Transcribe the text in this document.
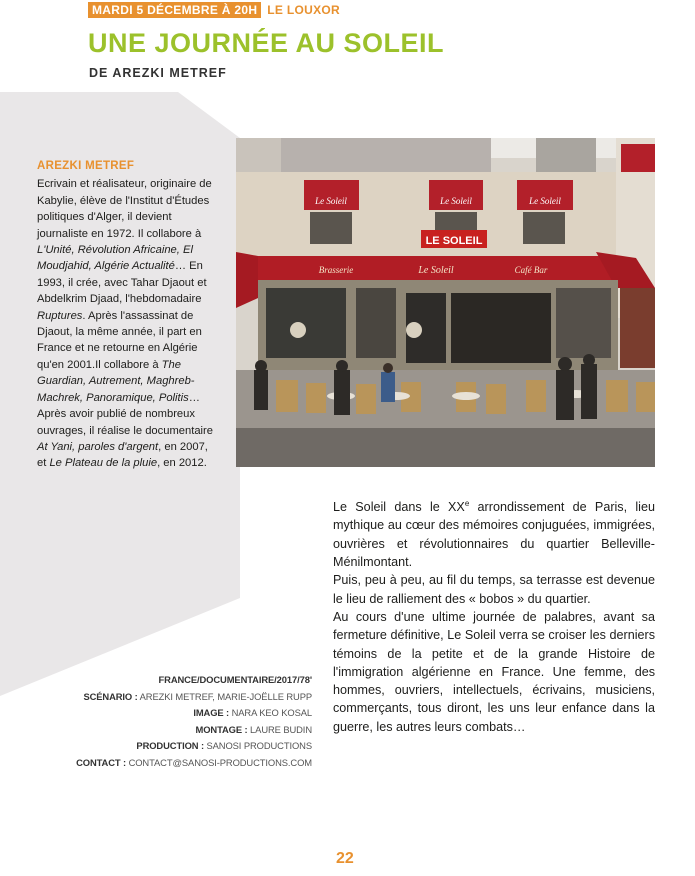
MARDI 5 DÉCEMBRE À 20H LE LOUXOR
UNE JOURNÉE AU SOLEIL
DE AREZKI METREF
Le Soleil	Le Soleil	Le Soleil
LE SOLEIL
Brasserie	Le Soleil	Café Bar
AREZKI METREF

Ecrivain et réalisateur, originaire de Kabylie, élève de l'Institut d'Études politiques d'Alger, il devient journaliste en 1972. Il collabore à L'Unité, Révolution Africaine, El Moudjahid, Algérie Actualité… En 1993, il crée, avec Tahar Djaout et Abdelkrim Djaad, l'hebdomadaire Ruptures. Après l'assassinat de Djaout, la même année, il part en France et ne retourne en Algérie qu'en 2001.Il collabore à The Guardian, Autrement, Maghreb-Machrek, Panoramique, Politis… Après avoir publié de nombreux ouvrages, il réalise le documentaire At Yani, paroles d'argent, en 2007, et Le Plateau de la pluie, en 2012.

FRANCE/DOCUMENTAIRE/2017/78'
SCÉNARIO : AREZKI METREF, MARIE-JOËLLE RUPP
IMAGE : NARA KEO KOSAL
MONTAGE : LAURE BUDIN
PRODUCTION : SANOSI PRODUCTIONS
CONTACT : CONTACT@SANOSI-PRODUCTIONS.COM

Le Soleil dans le XXe arrondissement de Paris, lieu mythique au cœur des mémoires conjuguées, immigrées, ouvrières et révolutionnaires du quartier Belleville-Ménilmontant.

Puis, peu à peu, au fil du temps, sa terrasse est devenue le lieu de ralliement des « bobos » du quartier.

Au cours d'une ultime journée de palabres, avant sa fermeture définitive, Le Soleil verra se croiser les derniers témoins de la petite et de la grande Histoire de l'immigration algérienne en France. Une femme, des hommes, ouvriers, intellectuels, écrivains, musiciens, commerçants, tous diront, les uns leur enfance dans la guerre, les autres leurs combats…

22
